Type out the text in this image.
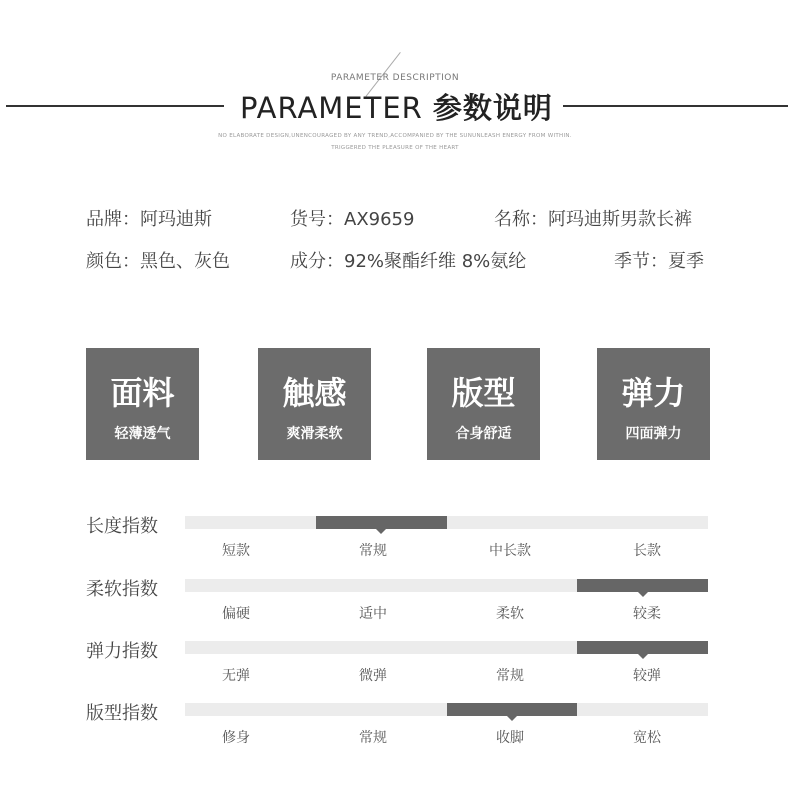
PARAMETER DESCRIPTION
PARAMETER 参数说明
NO ELABORATE DESIGN,UNENCOURAGED BY ANY TREND,ACCOMPANIED BY THE SUNUNLEASH ENERGY FROM WITHIN.
TRIGGERED THE PLEASURE OF THE HEART
品牌：阿玛迪斯	货号：AX9659	名称：阿玛迪斯男款长裤
颜色：黑色、灰色	成分：92%聚酯纤维 8%氨纶	季节：夏季
面料
轻薄透气
触感
爽滑柔软
版型
合身舒适
弹力
四面弹力
长度指数
短款	常规	中长款	长款
柔软指数
偏硬	适中	柔软	较柔
弹力指数
无弹	微弹	常规	较弹
版型指数
修身	常规	收脚	宽松
